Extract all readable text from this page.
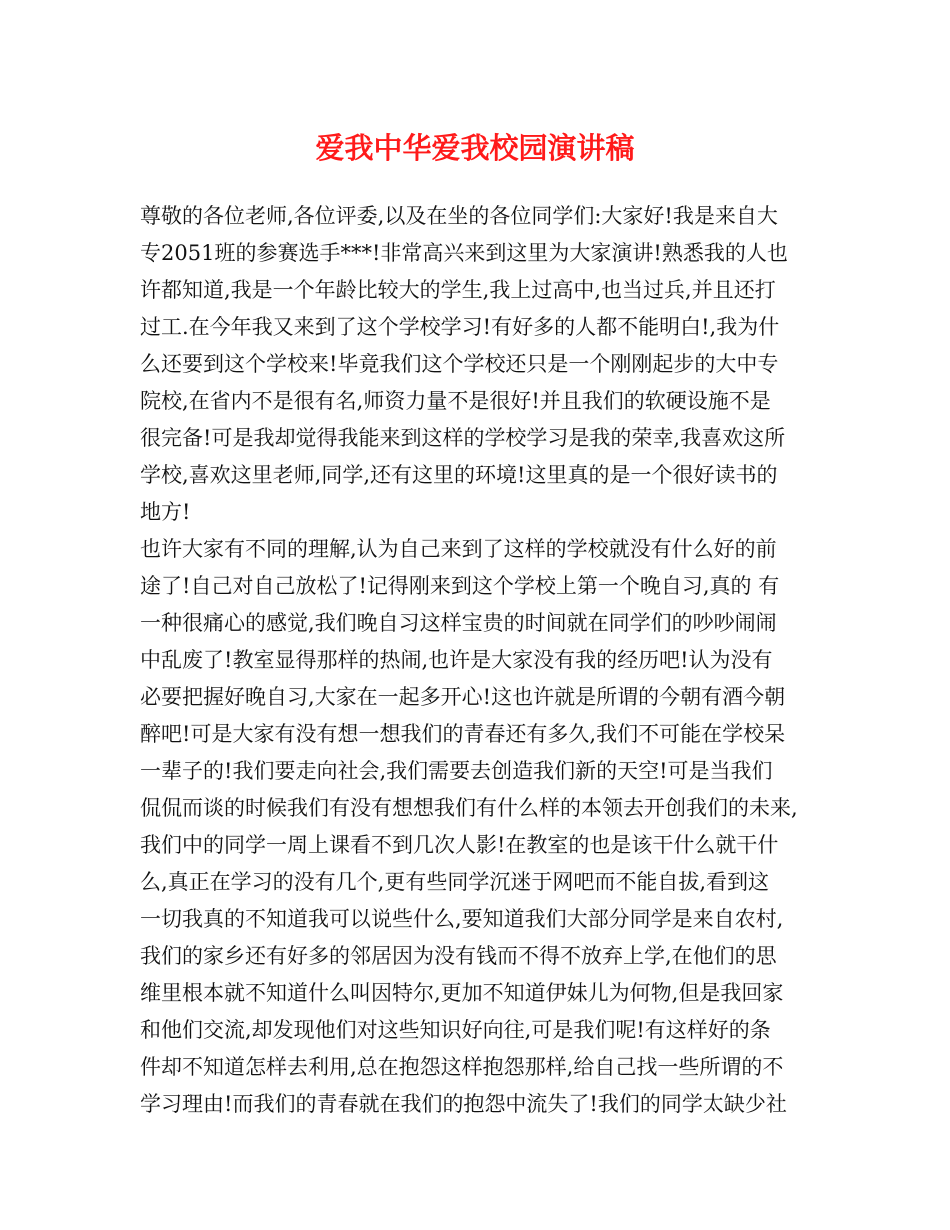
爱我中华爱我校园演讲稿
尊敬的各位老师,各位评委,以及在坐的各位同学们:大家好!我是来自大
专2051班的参赛选手***!非常高兴来到这里为大家演讲!熟悉我的人也
许都知道,我是一个年龄比较大的学生,我上过高中,也当过兵,并且还打
过工.在今年我又来到了这个学校学习!有好多的人都不能明白!,我为什
么还要到这个学校来!毕竟我们这个学校还只是一个刚刚起步的大中专
院校,在省内不是很有名,师资力量不是很好!并且我们的软硬设施不是
很完备!可是我却觉得我能来到这样的学校学习是我的荣幸,我喜欢这所
学校,喜欢这里老师,同学,还有这里的环境!这里真的是一个很好读书的
地方!
也许大家有不同的理解,认为自己来到了这样的学校就没有什么好的前
途了!自己对自己放松了!记得刚来到这个学校上第一个晚自习,真的 有
一种很痛心的感觉,我们晚自习这样宝贵的时间就在同学们的吵吵闹闹
中乱废了!教室显得那样的热闹,也许是大家没有我的经历吧!认为没有
必要把握好晚自习,大家在一起多开心!这也许就是所谓的今朝有酒今朝
醉吧!可是大家有没有想一想我们的青春还有多久,我们不可能在学校呆
一辈子的!我们要走向社会,我们需要去创造我们新的天空!可是当我们
侃侃而谈的时候我们有没有想想我们有什么样的本领去开创我们的未来,
我们中的同学一周上课看不到几次人影!在教室的也是该干什么就干什
么,真正在学习的没有几个,更有些同学沉迷于网吧而不能自拔,看到这
一切我真的不知道我可以说些什么,要知道我们大部分同学是来自农村,
我们的家乡还有好多的邻居因为没有钱而不得不放弃上学,在他们的思
维里根本就不知道什么叫因特尔,更加不知道伊妹儿为何物,但是我回家
和他们交流,却发现他们对这些知识好向往,可是我们呢!有这样好的条
件却不知道怎样去利用,总在抱怨这样抱怨那样,给自己找一些所谓的不
学习理由!而我们的青春就在我们的抱怨中流失了!我们的同学太缺少社
